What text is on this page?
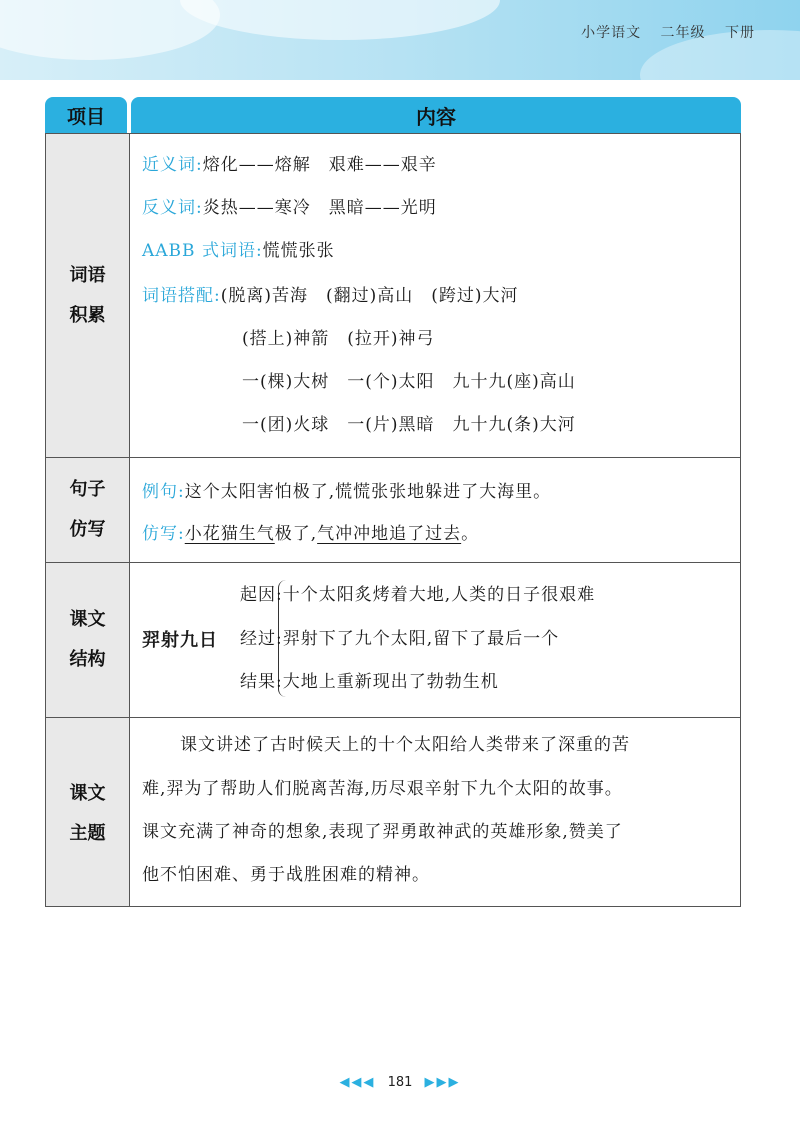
小学语文 二年级 下册
项目	内容
词语
积累
近义词:熔化——熔解　艰难——艰辛
反义词:炎热——寒冷　黑暗——光明
AABB 式词语:慌慌张张
词语搭配:(脱离)苦海　(翻过)高山　(跨过)大河
(搭上)神箭　(拉开)神弓
一(棵)大树　一(个)太阳　九十九(座)高山
一(团)火球　一(片)黑暗　九十九(条)大河
句子
仿写
例句:这个太阳害怕极了,慌慌张张地躲进了大海里。
仿写:小花猫生气极了,气冲冲地追了过去。
课文
结构
羿射九日
起因:十个太阳炙烤着大地,人类的日子很艰难
经过:羿射下了九个太阳,留下了最后一个
结果:大地上重新现出了勃勃生机
课文
主题
课文讲述了古时候天上的十个太阳给人类带来了深重的苦
难,羿为了帮助人们脱离苦海,历尽艰辛射下九个太阳的故事。
课文充满了神奇的想象,表现了羿勇敢神武的英雄形象,赞美了
他不怕困难、勇于战胜困难的精神。
◀◀◀ 181 ▶▶▶
